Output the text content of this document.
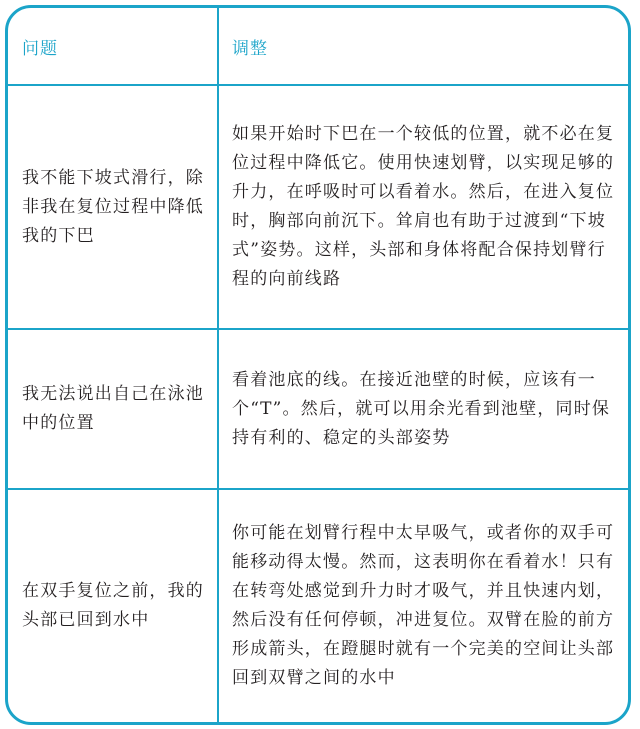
问题	调整
我不能下坡式滑行，除非我在复位过程中降低我的下巴
如果开始时下巴在一个较低的位置，就不必在复位过程中降低它。使用快速划臂，以实现足够的升力，在呼吸时可以看着水。然后，在进入复位时，胸部向前沉下。耸肩也有助于过渡到“下坡式”姿势。这样，头部和身体将配合保持划臂行程的向前线路
我无法说出自己在泳池中的位置
看着池底的线。在接近池壁的时候，应该有一个“T”。然后，就可以用余光看到池壁，同时保持有利的、稳定的头部姿势
在双手复位之前，我的头部已回到水中
你可能在划臂行程中太早吸气，或者你的双手可能移动得太慢。然而，这表明你在看着水！只有在转弯处感觉到升力时才吸气，并且快速内划，然后没有任何停顿，冲进复位。双臂在脸的前方形成箭头，在蹬腿时就有一个完美的空间让头部回到双臂之间的水中
